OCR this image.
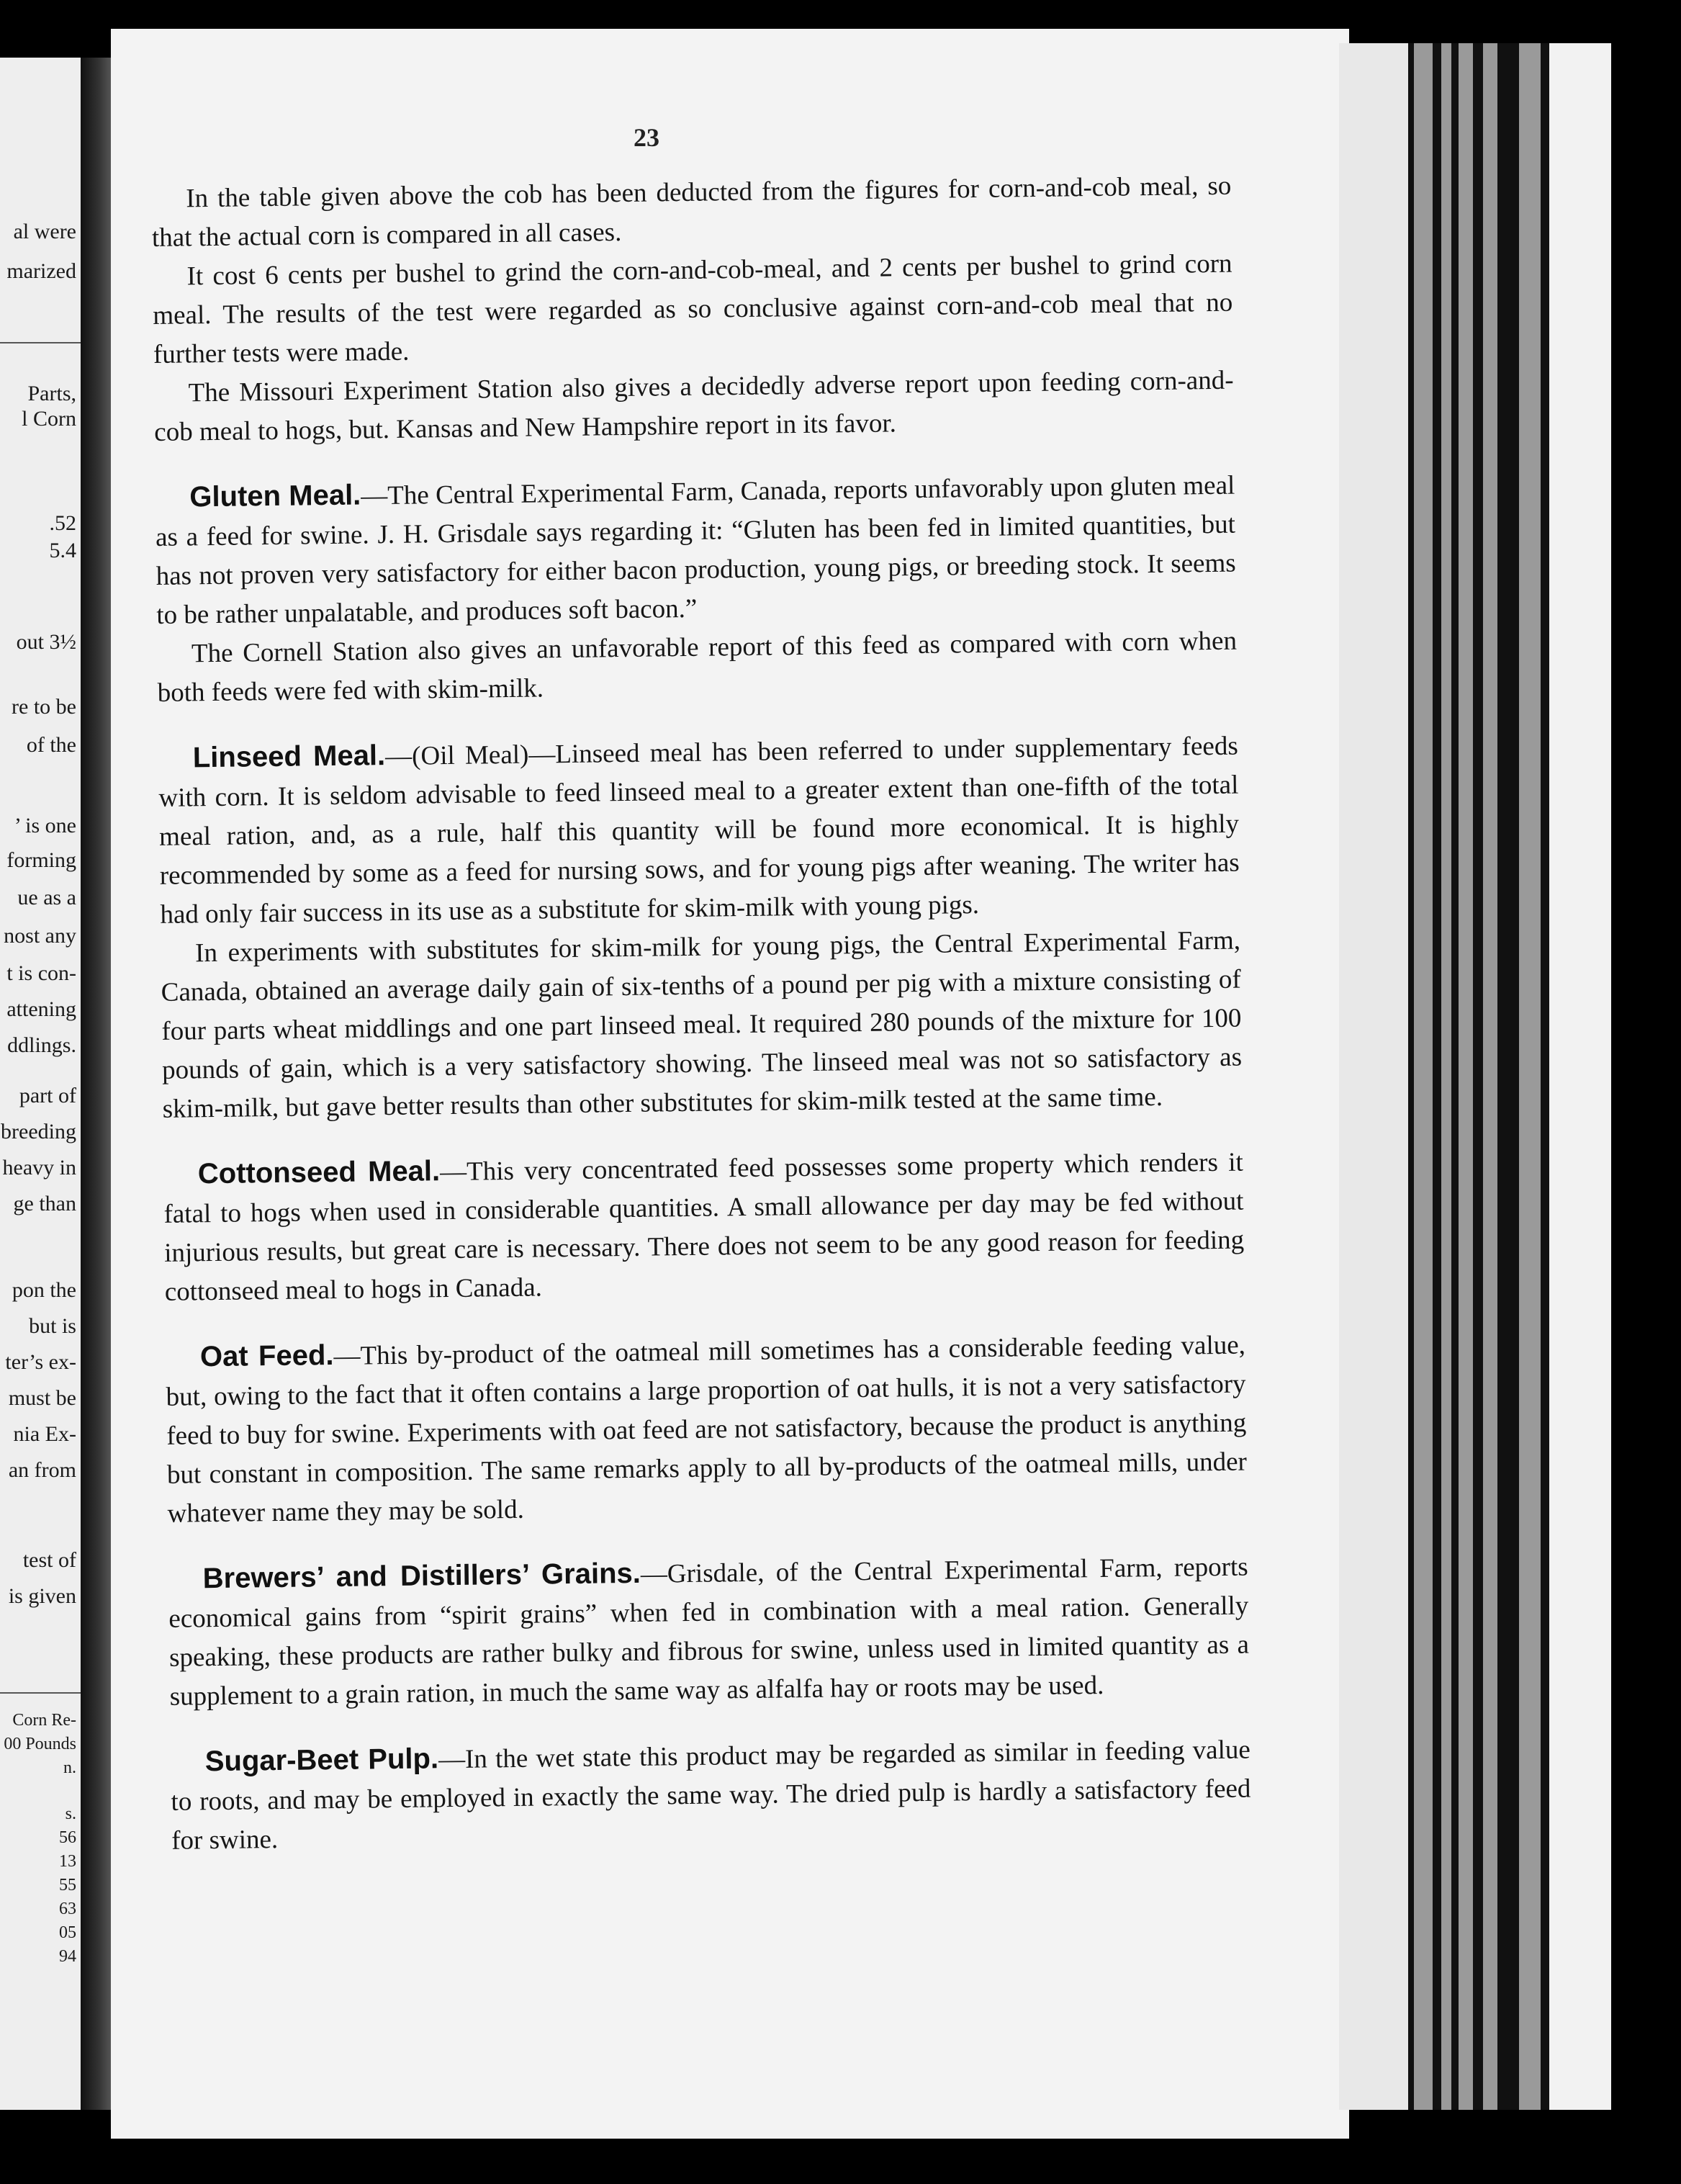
al were

marized

Parts,

l Corn

.52

5.4

out 3½

re to be

of the

’ is one

forming

ue as a

nost any

t is con-

attening

ddlings.

part of

breeding

heavy in

ge than

pon the

but is

ter’s ex-

must be

nia Ex-

an from

test of

is given

Corn Re-

00 Pounds

n.

s.

56

13

55

63

05

94

23

In the table given above the cob has been deducted from the figures for corn-and-cob meal, so that the actual corn is compared in all cases.

It cost 6 cents per bushel to grind the corn-and-cob-meal, and 2 cents per bushel to grind corn meal. The results of the test were regarded as so conclusive against corn-and-cob meal that no further tests were made.

The Missouri Experiment Station also gives a decidedly adverse report upon feeding corn-and-cob meal to hogs, but. Kansas and New Hampshire report in its favor.

Gluten Meal.—The Central Experimental Farm, Canada, reports unfavorably upon gluten meal as a feed for swine. J. H. Grisdale says regarding it: “Gluten has been fed in limited quantities, but has not proven very satisfactory for either bacon production, young pigs, or breeding stock. It seems to be rather unpalatable, and produces soft bacon.”

The Cornell Station also gives an unfavorable report of this feed as compared with corn when both feeds were fed with skim-milk.

Linseed Meal.—(Oil Meal)—Linseed meal has been referred to under supplementary feeds with corn. It is seldom advisable to feed linseed meal to a greater extent than one-fifth of the total meal ration, and, as a rule, half this quantity will be found more economical. It is highly recommended by some as a feed for nursing sows, and for young pigs after weaning. The writer has had only fair success in its use as a substitute for skim-milk with young pigs.

In experiments with substitutes for skim-milk for young pigs, the Central Experimental Farm, Canada, obtained an average daily gain of six-tenths of a pound per pig with a mixture consisting of four parts wheat middlings and one part linseed meal. It required 280 pounds of the mixture for 100 pounds of gain, which is a very satisfactory showing. The linseed meal was not so satisfactory as skim-milk, but gave better results than other substitutes for skim-milk tested at the same time.

Cottonseed Meal.—This very concentrated feed possesses some property which renders it fatal to hogs when used in considerable quantities. A small allowance per day may be fed without injurious results, but great care is necessary. There does not seem to be any good reason for feeding cottonseed meal to hogs in Canada.

Oat Feed.—This by-product of the oatmeal mill sometimes has a considerable feeding value, but, owing to the fact that it often contains a large proportion of oat hulls, it is not a very satisfactory feed to buy for swine. Experiments with oat feed are not satisfactory, because the product is anything but constant in composition. The same remarks apply to all by-products of the oatmeal mills, under whatever name they may be sold.

Brewers’ and Distillers’ Grains.—Grisdale, of the Central Experimental Farm, reports economical gains from “spirit grains” when fed in combination with a meal ration. Generally speaking, these products are rather bulky and fibrous for swine, unless used in limited quantity as a supplement to a grain ration, in much the same way as alfalfa hay or roots may be used.

Sugar-Beet Pulp.—In the wet state this product may be regarded as similar in feeding value to roots, and may be employed in exactly the same way. The dried pulp is hardly a satisfactory feed for swine.
